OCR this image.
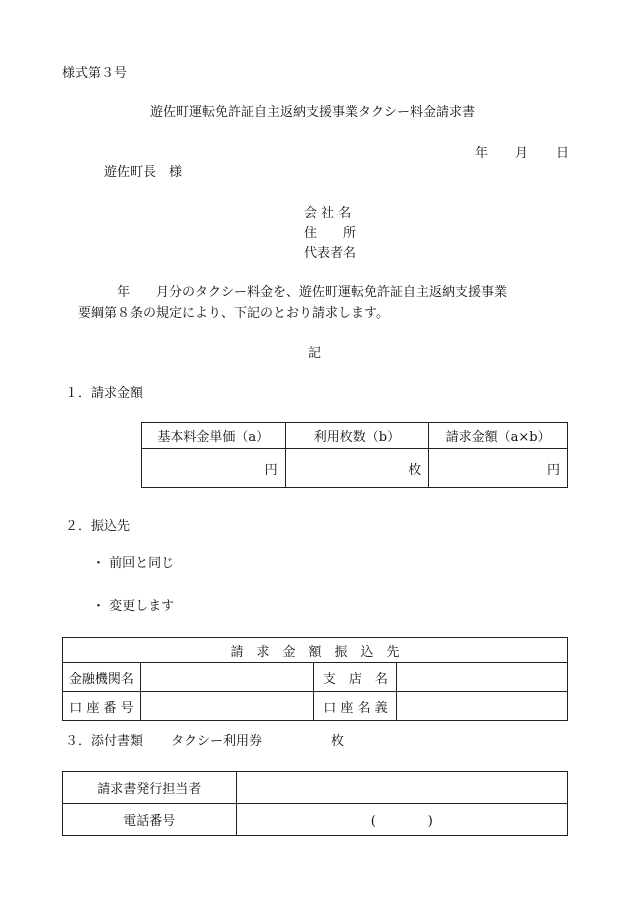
様式第３号
遊佐町運転免許証自主返納支援事業タクシー料金請求書
年 月 日
遊佐町長　様
会 社 名
住　　所
代表者名
年　　月分のタクシー料金を、遊佐町運転免許証自主返納支援事業
要綱第８条の規定により、下記のとおり請求します。
記
１．請求金額
基本料金単価（a）	利用枚数（b）	請求金額（a×b）
円	枚	円
２．振込先
・ 前回と同じ
・ 変更します
請　求　金　額　振　込　先			
金融機関名		支　店　名	
口 座 番 号		口 座 名 義	
３．添付書類 タクシー利用券	枚
請求書発行担当者	
電話番号	(　　　　)
